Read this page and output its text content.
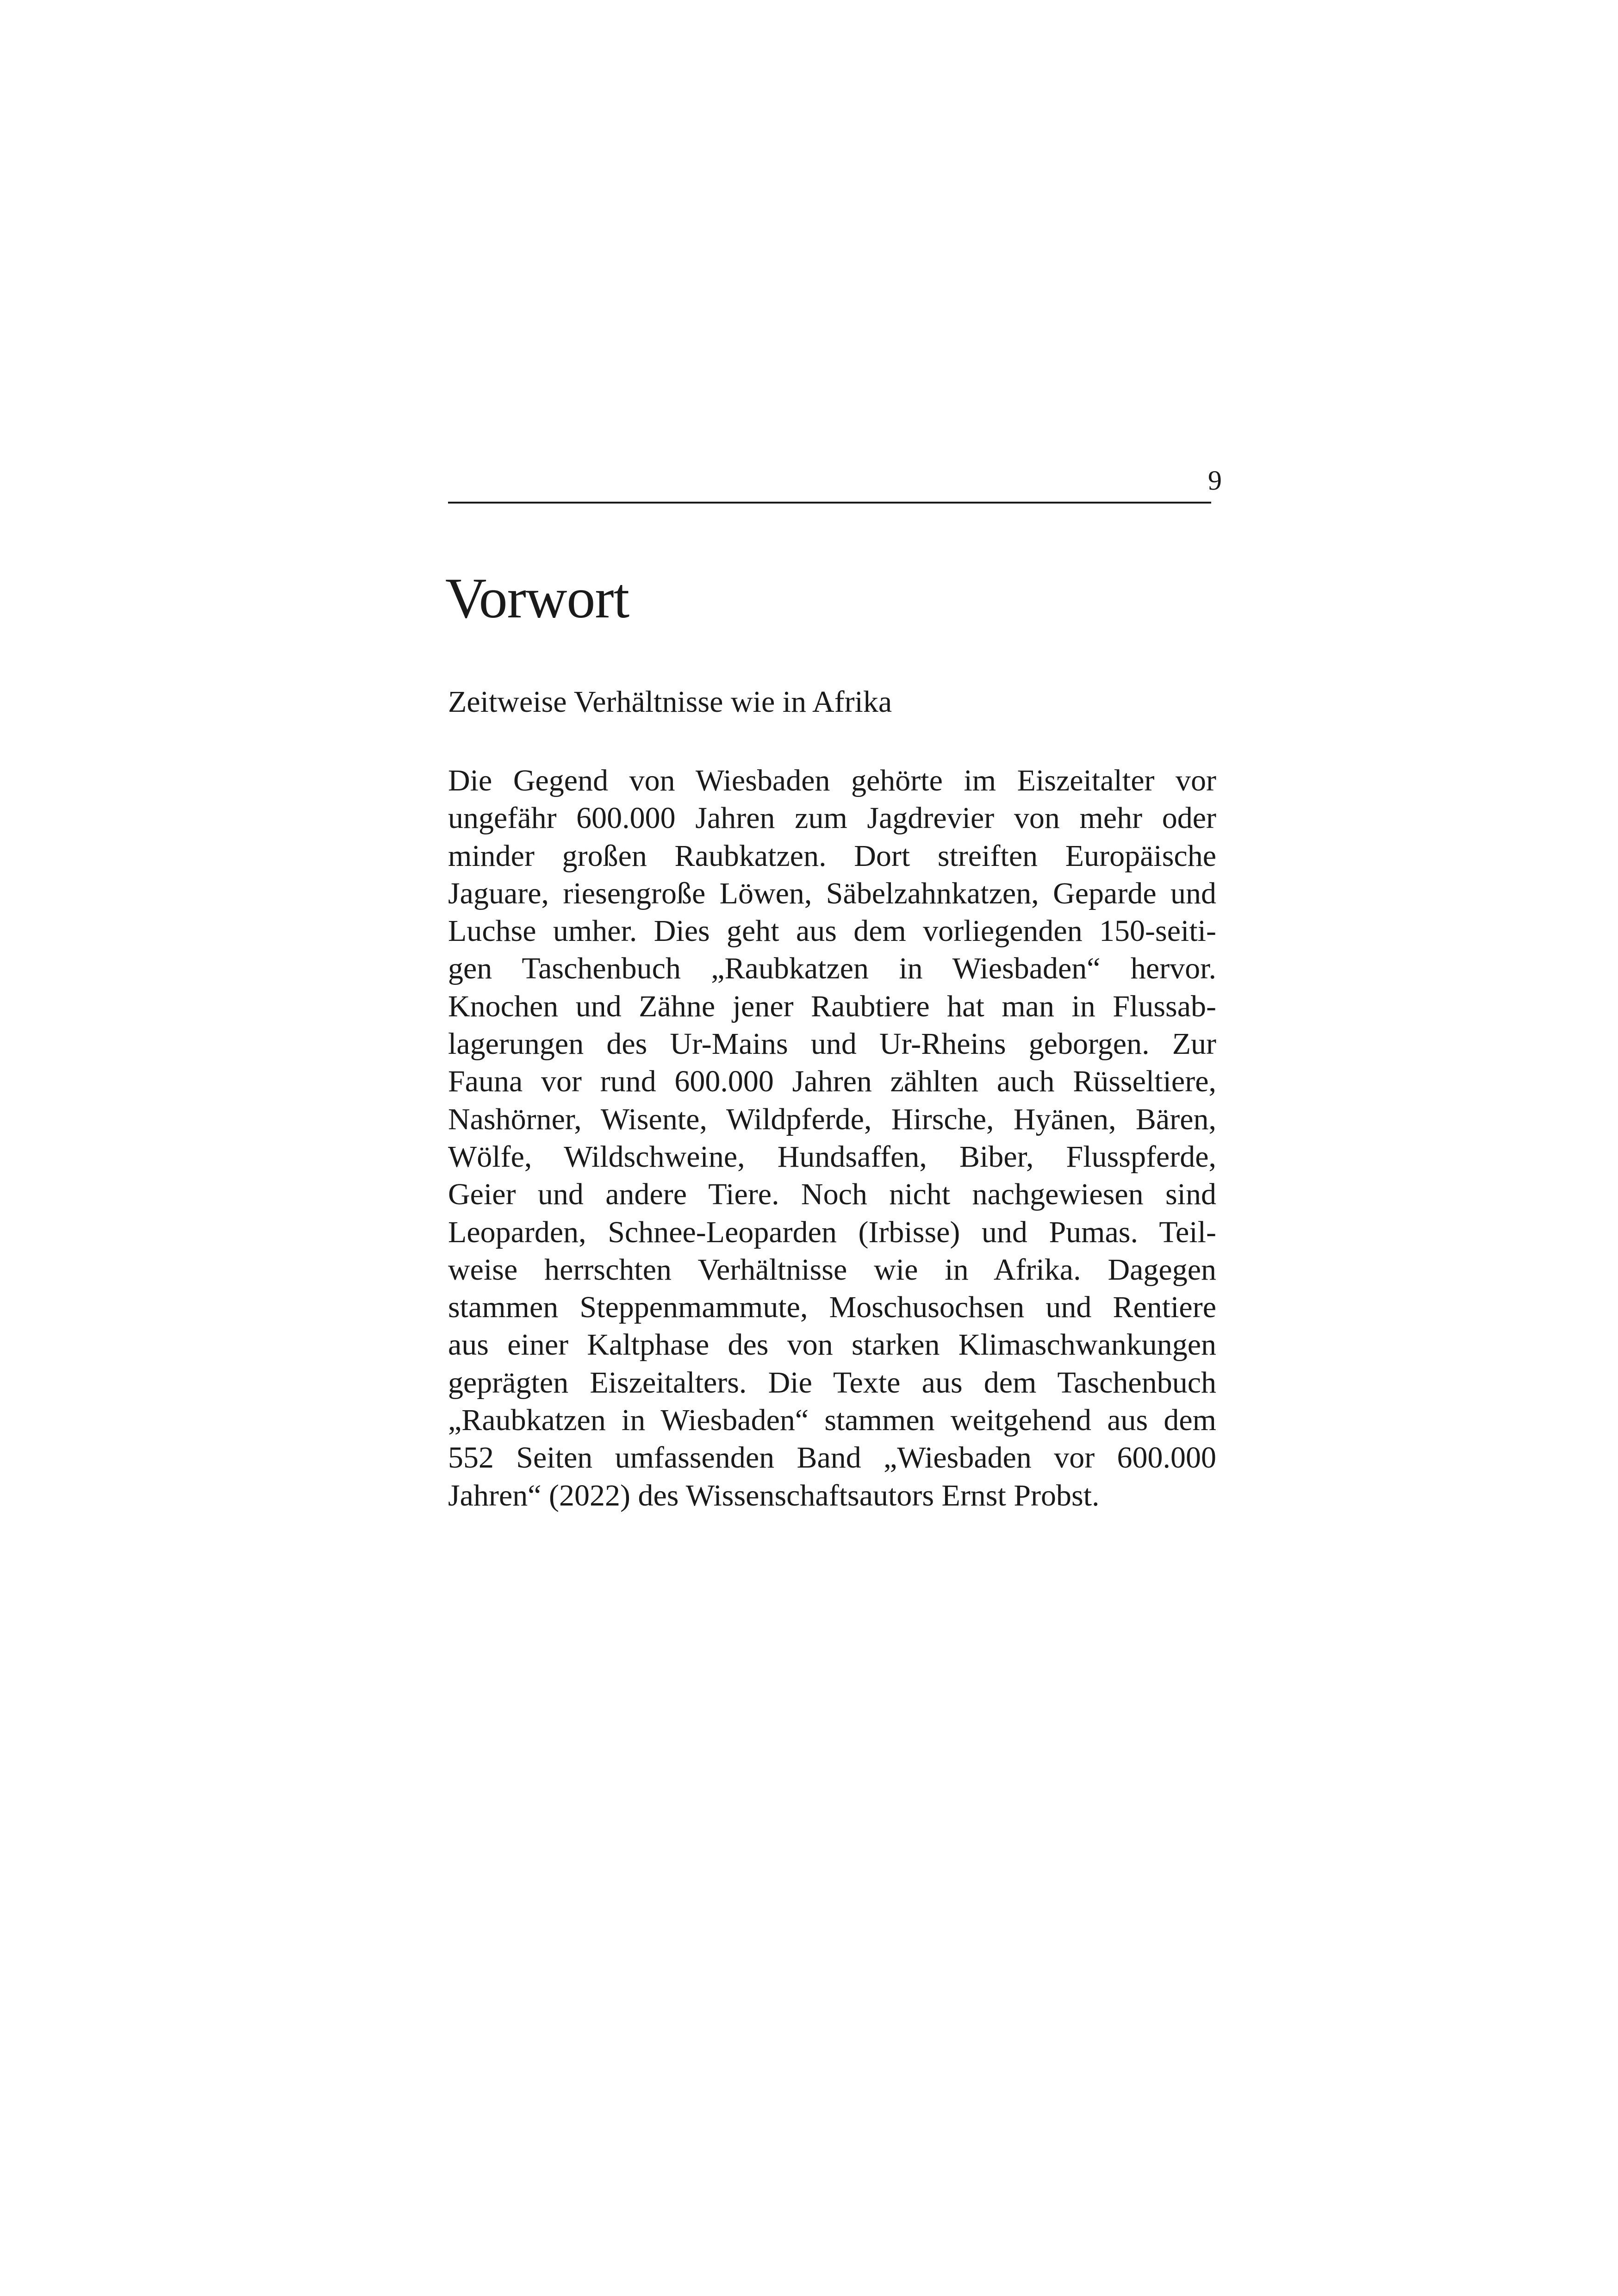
9
Vorwort

Zeitweise Verhältnisse wie in Afrika

Die Gegend von Wiesbaden gehörte im Eiszeitalter vor
ungefähr 600.000 Jahren zum Jagdrevier von mehr oder
minder großen Raubkatzen. Dort streiften Europäische
Jaguare, riesengroße Löwen, Säbelzahnkatzen, Geparde und
Luchse umher. Dies geht aus dem vorliegenden 150-seiti-
gen Taschenbuch „Raubkatzen in Wiesbaden“ hervor.
Knochen und Zähne jener Raubtiere hat man in Flussab-
lagerungen des Ur-Mains und Ur-Rheins geborgen. Zur
Fauna vor rund 600.000 Jahren zählten auch Rüsseltiere,
Nashörner, Wisente, Wildpferde, Hirsche, Hyänen, Bären,
Wölfe, Wildschweine, Hundsaffen, Biber, Flusspferde,
Geier und andere Tiere. Noch nicht nachgewiesen sind
Leoparden, Schnee-Leoparden (Irbisse) und Pumas. Teil-
weise herrschten Verhältnisse wie in Afrika. Dagegen
stammen Steppenmammute, Moschusochsen und Rentiere
aus einer Kaltphase des von starken Klimaschwankungen
geprägten Eiszeitalters. Die Texte aus dem Taschenbuch
„Raubkatzen in Wiesbaden“ stammen weitgehend aus dem
552 Seiten umfassenden Band „Wiesbaden vor 600.000
Jahren“ (2022) des Wissenschaftsautors Ernst Probst.
